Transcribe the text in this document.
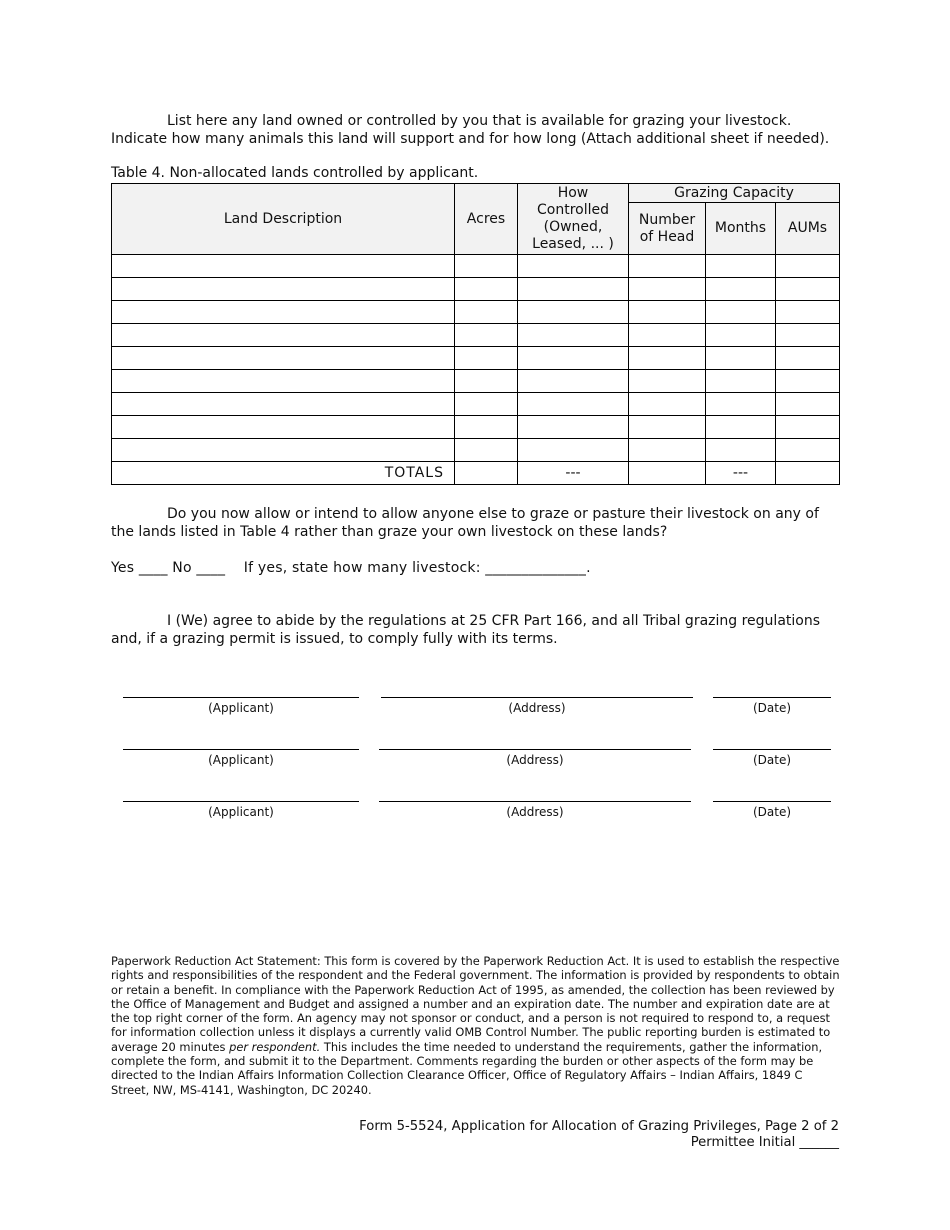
List here any land owned or controlled by you that is available for grazing your livestock. Indicate how many animals this land will support and for how long (Attach additional sheet if needed).

Table 4. Non-allocated lands controlled by applicant.
Land Description	Acres	How Controlled (Owned, Leased, ... )	Grazing Capacity		
			Number of Head	Months	AUMs

TOTALS		---		---	

Do you now allow or intend to allow anyone else to graze or pasture their livestock on any of the lands listed in Table 4 rather than graze your own livestock on these lands?

Yes ____ No ____    If yes, state how many livestock: ______________.

I (We) agree to abide by the regulations at 25 CFR Part 166, and all Tribal grazing regulations and, if a grazing permit is issued, to comply fully with its terms.

(Applicant)	(Address)	(Date)
(Applicant)	(Address)	(Date)
(Applicant)	(Address)	(Date)

Paperwork Reduction Act Statement: This form is covered by the Paperwork Reduction Act. It is used to establish the respective rights and responsibilities of the respondent and the Federal government. The information is provided by respondents to obtain or retain a benefit. In compliance with the Paperwork Reduction Act of 1995, as amended, the collection has been reviewed by the Office of Management and Budget and assigned a number and an expiration date. The number and expiration date are at the top right corner of the form. An agency may not sponsor or conduct, and a person is not required to respond to, a request for information collection unless it displays a currently valid OMB Control Number. The public reporting burden is estimated to average 20 minutes per respondent. This includes the time needed to understand the requirements, gather the information, complete the form, and submit it to the Department. Comments regarding the burden or other aspects of the form may be directed to the Indian Affairs Information Collection Clearance Officer, Office of Regulatory Affairs – Indian Affairs, 1849 C Street, NW, MS-4141, Washington, DC 20240.

Form 5-5524, Application for Allocation of Grazing Privileges, Page 2 of 2
Permittee Initial ______
